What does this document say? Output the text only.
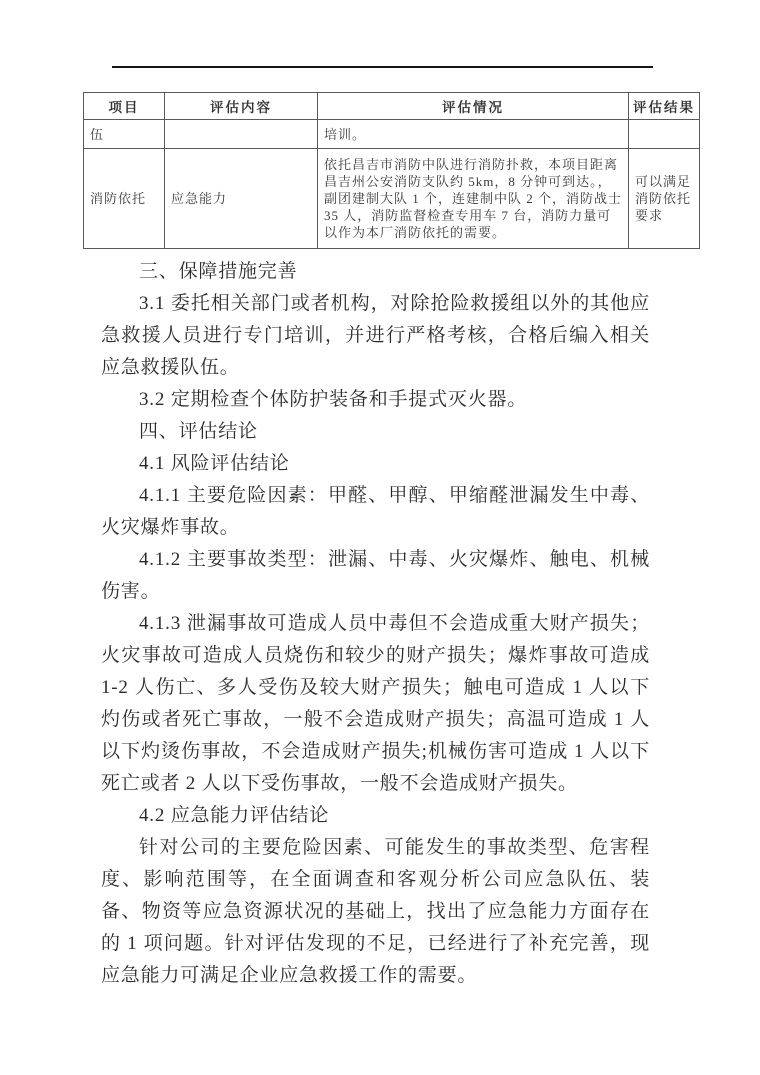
项目	评估内容	评估情况	评估结果
伍		培训。	
消防依托	应急能力	依托昌吉市消防中队进行消防扑救，本项目距离昌吉州公安消防支队约 5km，8 分钟可到达。，副团建制大队 1 个，连建制中队 2 个，消防战士 35 人，消防监督检查专用车 7 台，消防力量可以作为本厂消防依托的需要。	可以满足消防依托要求

三、保障措施完善

3.1 委托相关部门或者机构，对除抢险救援组以外的其他应急救援人员进行专门培训，并进行严格考核，合格后编入相关应急救援队伍。

3.2 定期检查个体防护装备和手提式灭火器。

四、评估结论

4.1 风险评估结论

4.1.1 主要危险因素：甲醛、甲醇、甲缩醛泄漏发生中毒、火灾爆炸事故。

4.1.2 主要事故类型：泄漏、中毒、火灾爆炸、触电、机械伤害。

4.1.3 泄漏事故可造成人员中毒但不会造成重大财产损失；火灾事故可造成人员烧伤和较少的财产损失；爆炸事故可造成 1-2 人伤亡、多人受伤及较大财产损失；触电可造成 1 人以下灼伤或者死亡事故，一般不会造成财产损失；高温可造成 1 人以下灼烫伤事故，不会造成财产损失;机械伤害可造成 1 人以下死亡或者 2 人以下受伤事故，一般不会造成财产损失。

4.2 应急能力评估结论

针对公司的主要危险因素、可能发生的事故类型、危害程度、影响范围等，在全面调查和客观分析公司应急队伍、装备、物资等应急资源状况的基础上，找出了应急能力方面存在的 1 项问题。针对评估发现的不足，已经进行了补充完善，现应急能力可满足企业应急救援工作的需要。
